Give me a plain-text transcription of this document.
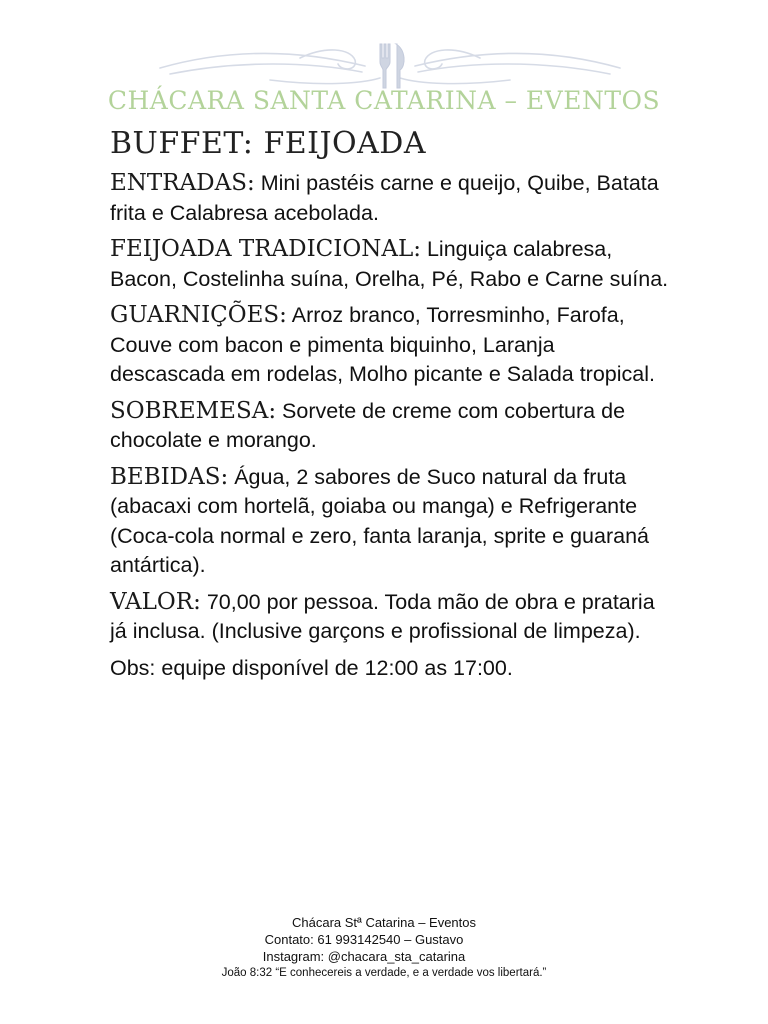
CHÁCARA SANTA CATARINA – EVENTOS
BUFFET: FEIJOADA
ENTRADAS: Mini pastéis carne e queijo, Quibe, Batata frita e Calabresa acebolada.
FEIJOADA TRADICIONAL: Linguiça calabresa, Bacon, Costelinha suína, Orelha, Pé, Rabo e Carne suína.
GUARNIÇÕES: Arroz branco, Torresminho, Farofa, Couve com bacon e pimenta biquinho, Laranja descascada em rodelas, Molho picante e Salada tropical.
SOBREMESA: Sorvete de creme com cobertura de chocolate e morango.
BEBIDAS: Água, 2 sabores de Suco natural da fruta (abacaxi com hortelã, goiaba ou manga) e Refrigerante (Coca-cola normal e zero, fanta laranja, sprite e guaraná antártica).
VALOR: 70,00 por pessoa. Toda mão de obra e prataria já inclusa. (Inclusive garçons e profissional de limpeza).
Obs: equipe disponível de 12:00 as 17:00.
Chácara Stª Catarina – Eventos
Contato: 61 993142540 – Gustavo
Instagram: @chacara_sta_catarina
João 8:32 “E conhecereis a verdade, e a verdade vos libertará.”
